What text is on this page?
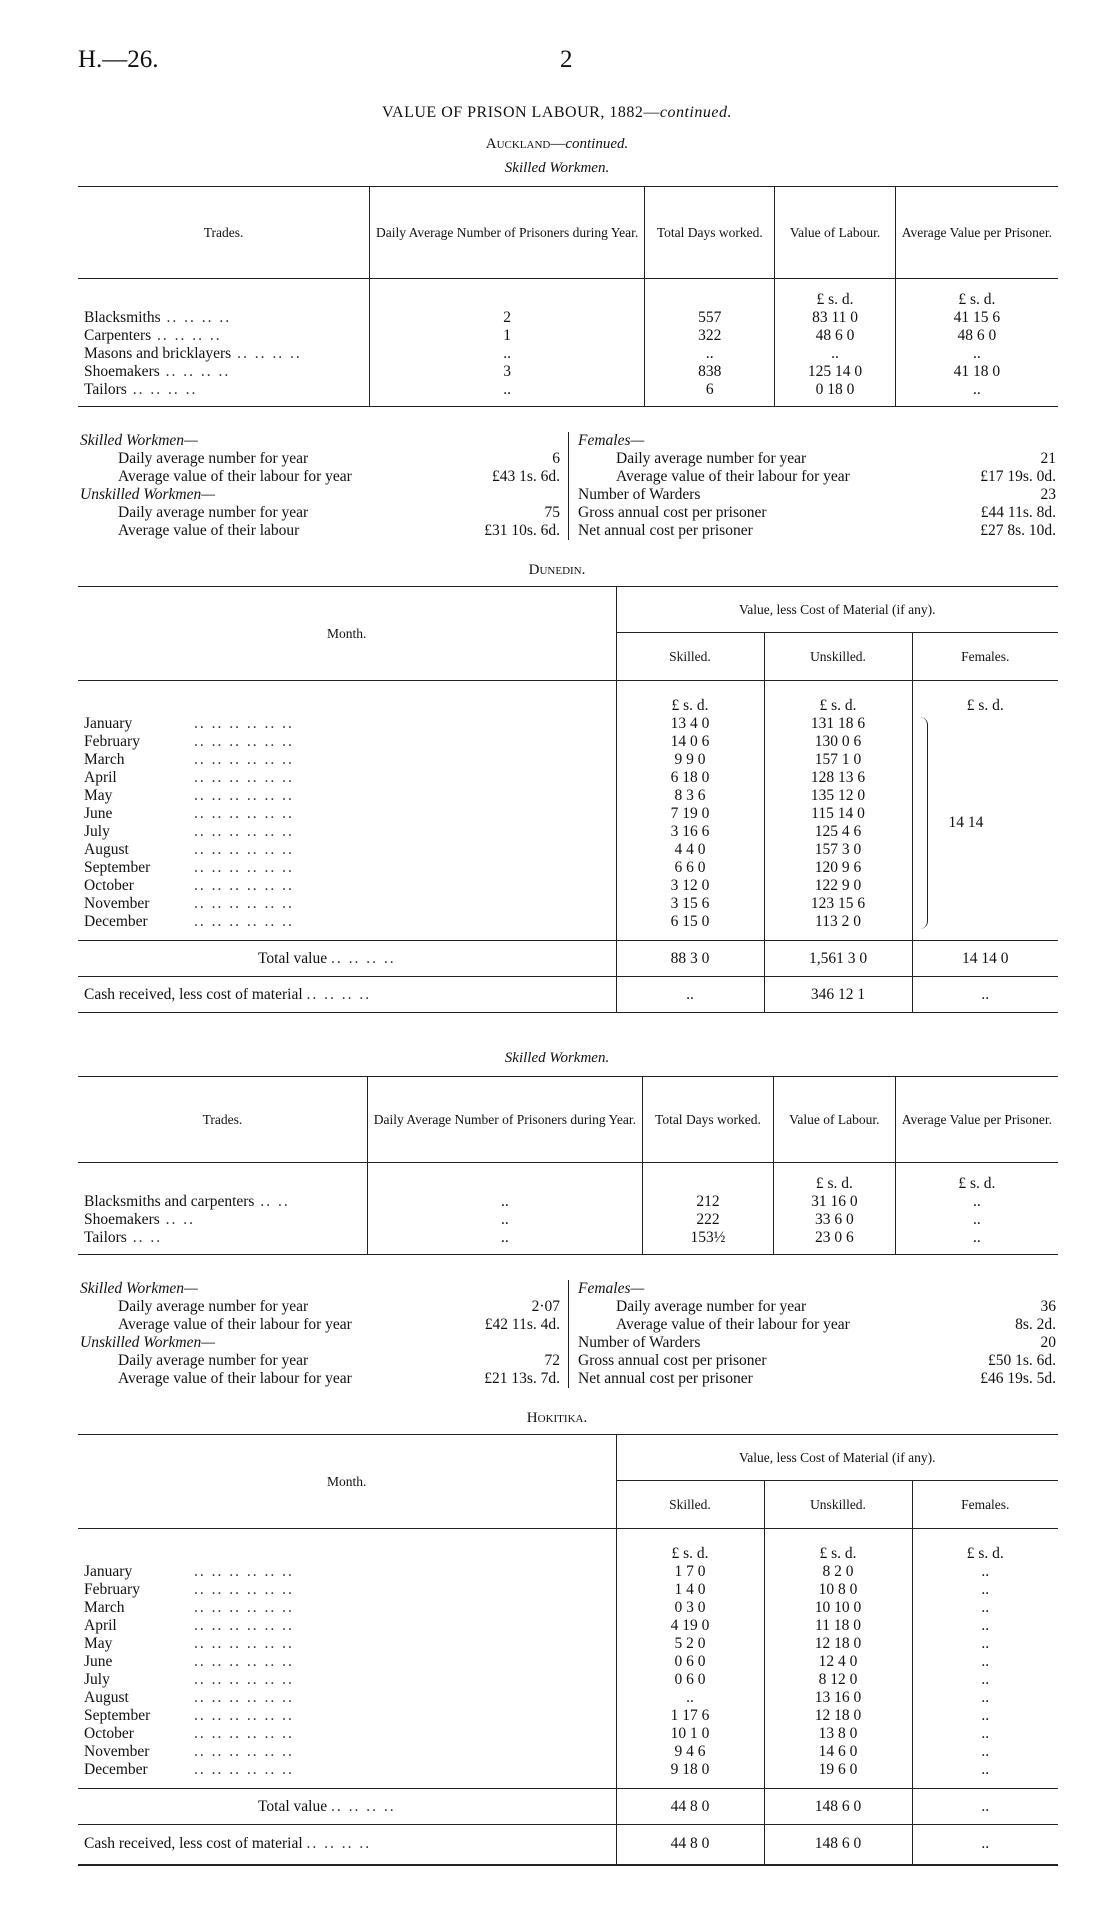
H.—26.	2
VALUE OF PRISON LABOUR, 1882—continued.
Auckland—continued.
Skilled Workmen.
Trades.	Daily Average Number of Prisoners during Year.	Total Days worked.	Value of Labour.	Average Value per Prisoner.
			£ s. d.	£ s. d.
Blacksmiths .. .. .. ..	2	557	83 11 0	41 15 6
Carpenters .. .. .. ..	1	322	48 6 0	48 6 0
Masons and bricklayers .. .. .. ..	..	..	..	..
Shoemakers .. .. .. ..	3	838	125 14 0	41 18 0
Tailors .. .. .. ..	..	6	0 18 0	..

Skilled Workmen—
Daily average number for year	6
Average value of their labour for year	£43 1s. 6d.
Unskilled Workmen—
Daily average number for year	75
Average value of their labour	£31 10s. 6d.
Females—
Daily average number for year	21
Average value of their labour for year	£17 19s. 0d.
Number of Warders	23
Gross annual cost per prisoner	£44 11s. 8d.
Net annual cost per prisoner	£27 8s. 10d.
Dunedin.
Month.	Value, less Cost of Material (if any).		
	Skilled.	Unskilled.	Females.
	£ s. d.	£ s. d.	£ s. d.
January .. .. .. .. .. ..	13 4 0	131 18 6	14 14

February .. .. .. .. .. ..	14 0 6	130 0 6	
March .. .. .. .. .. ..	9 9 0	157 1 0	
April .. .. .. .. .. ..	6 18 0	128 13 6	
May .. .. .. .. .. ..	8 3 6	135 12 0	
June .. .. .. .. .. ..	7 19 0	115 14 0	
July .. .. .. .. .. ..	3 16 6	125 4 6	
August .. .. .. .. .. ..	4 4 0	157 3 0	
September .. .. .. .. .. ..	6 6 0	120 9 6	
October .. .. .. .. .. ..	3 12 0	122 9 0	
November .. .. .. .. .. ..	3 15 6	123 15 6	
December .. .. .. .. .. ..	6 15 0	113 2 0	

Total value .. .. .. ..	88 3 0	1,561 3 0	14 14 0
Cash received, less cost of material .. .. .. ..	..	346 12 1	..
Skilled Workmen.
Trades.	Daily Average Number of Prisoners during Year.	Total Days worked.	Value of Labour.	Average Value per Prisoner.
			£ s. d.	£ s. d.
Blacksmiths and carpenters .. ..	..	212	31 16 0	..
Shoemakers .. ..	..	222	33 6 0	..
Tailors .. ..	..	153½	23 0 6	..

Skilled Workmen—
Daily average number for year	2·07
Average value of their labour for year	£42 11s. 4d.
Unskilled Workmen—
Daily average number for year	72
Average value of their labour for year	£21 13s. 7d.
Females—
Daily average number for year	36
Average value of their labour for year	8s. 2d.
Number of Warders	20
Gross annual cost per prisoner	£50 1s. 6d.
Net annual cost per prisoner	£46 19s. 5d.
Hokitika.
Month.	Value, less Cost of Material (if any).		
	Skilled.	Unskilled.	Females.
	£ s. d.	£ s. d.	£ s. d.
January .. .. .. .. .. ..	1 7 0	8 2 0	..
February .. .. .. .. .. ..	1 4 0	10 8 0	..
March .. .. .. .. .. ..	0 3 0	10 10 0	..
April .. .. .. .. .. ..	4 19 0	11 18 0	..
May .. .. .. .. .. ..	5 2 0	12 18 0	..
June .. .. .. .. .. ..	0 6 0	12 4 0	..
July .. .. .. .. .. ..	0 6 0	8 12 0	..
August .. .. .. .. .. ..	..	13 16 0	..
September .. .. .. .. .. ..	1 17 6	12 18 0	..
October .. .. .. .. .. ..	10 1 0	13 8 0	..
November .. .. .. .. .. ..	9 4 6	14 6 0	..
December .. .. .. .. .. ..	9 18 0	19 6 0	..

Total value .. .. .. ..	44 8 0	148 6 0	..
Cash received, less cost of material .. .. .. ..	44 8 0	148 6 0	..
